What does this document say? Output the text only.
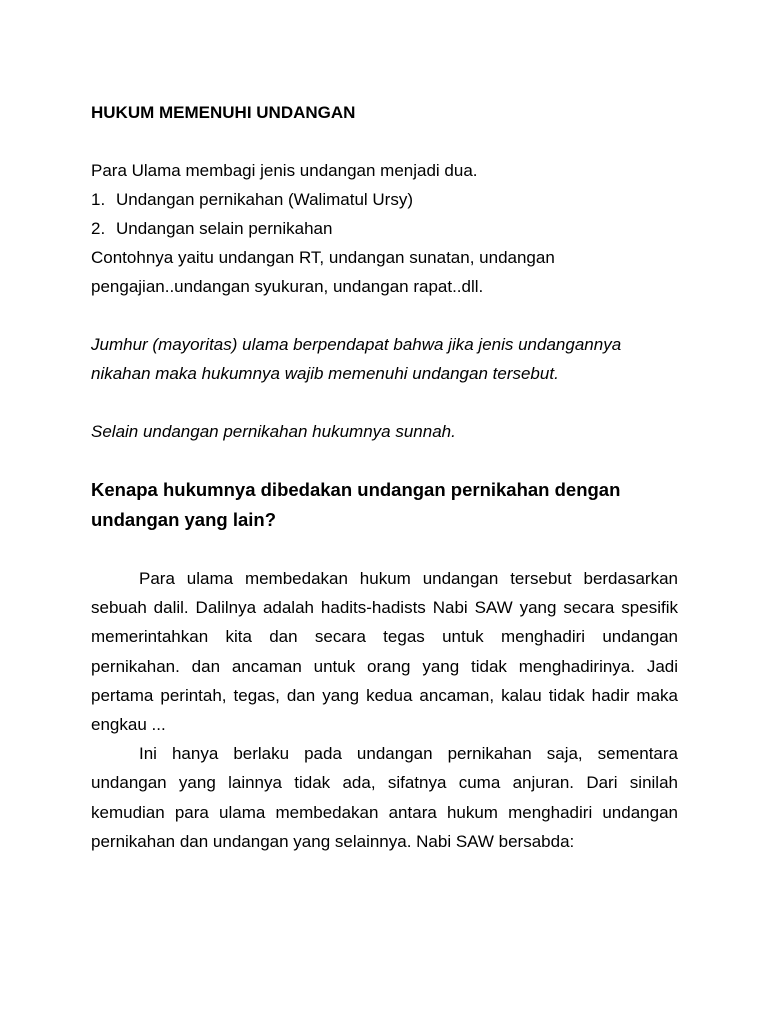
HUKUM MEMENUHI UNDANGAN

Para Ulama membagi jenis undangan menjadi dua.

1. Undangan pernikahan (Walimatul Ursy)

2. Undangan selain pernikahan

Contohnya yaitu undangan RT, undangan sunatan, undangan pengajian..undangan syukuran, undangan rapat..dll.

Jumhur (mayoritas) ulama berpendapat bahwa jika jenis undangannya nikahan maka hukumnya wajib memenuhi undangan tersebut.

Selain undangan pernikahan hukumnya sunnah.

Kenapa hukumnya dibedakan undangan pernikahan dengan undangan yang lain?

Para ulama membedakan hukum undangan tersebut berdasarkan sebuah dalil. Dalilnya adalah hadits-hadists Nabi SAW yang secara spesifik memerintahkan kita dan secara tegas untuk menghadiri undangan pernikahan. dan ancaman untuk orang yang tidak menghadirinya. Jadi pertama perintah, tegas, dan yang kedua ancaman, kalau tidak hadir maka engkau ...

Ini hanya berlaku pada undangan pernikahan saja, sementara undangan yang lainnya tidak ada, sifatnya cuma anjuran. Dari sinilah kemudian para ulama membedakan antara hukum menghadiri undangan pernikahan dan undangan yang selainnya. Nabi SAW bersabda:
